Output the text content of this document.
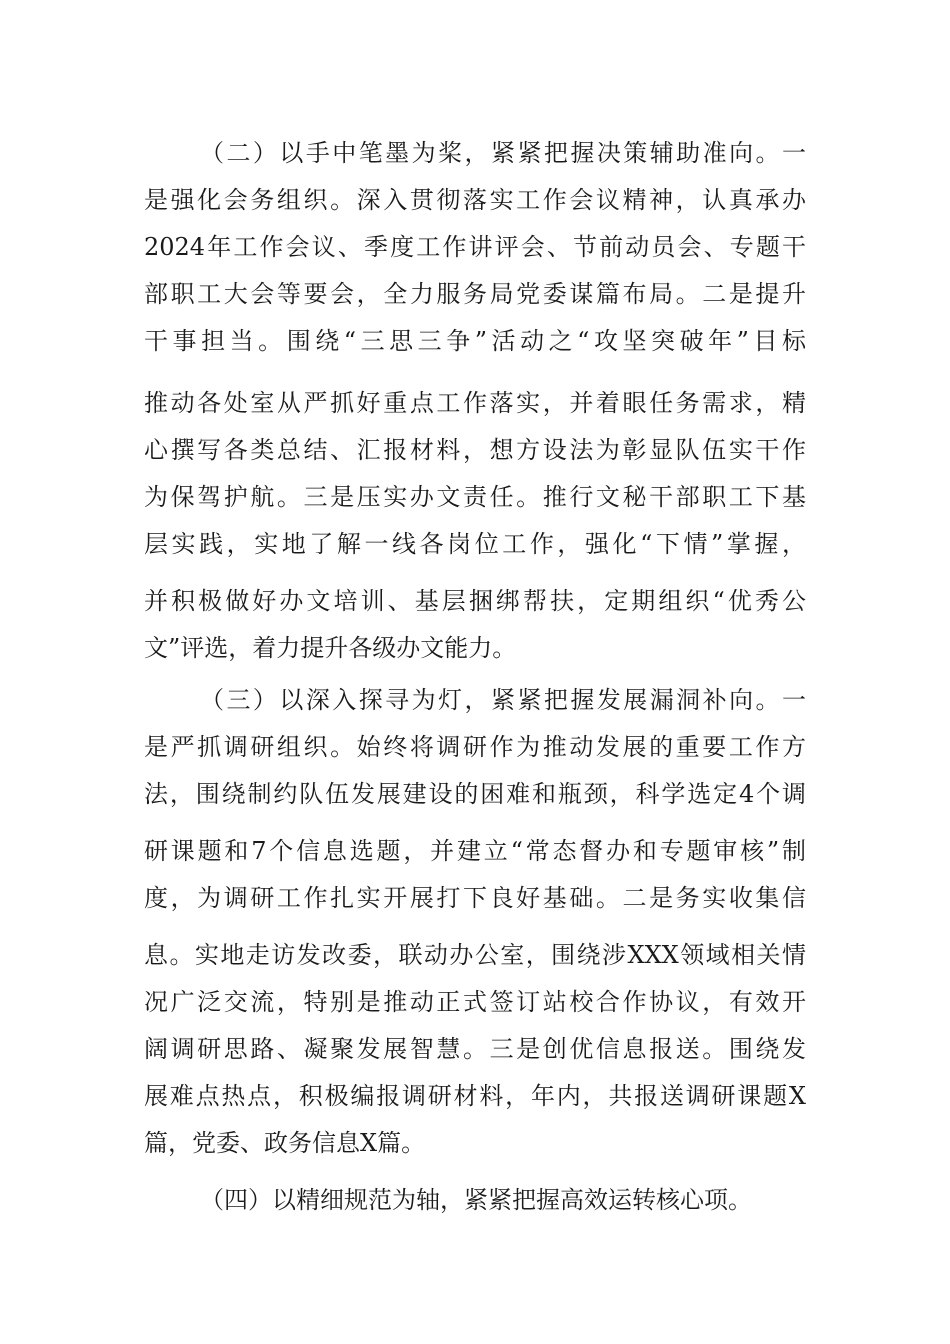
（二）以手中笔墨为桨，紧紧把握决策辅助准向。一
是强化会务组织。深入贯彻落实工作会议精神，认真承办
2024年工作会议、季度工作讲评会、节前动员会、专题干
部职工大会等要会，全力服务局党委谋篇布局。二是提升
干事担当。围绕“三思三争”活动之“攻坚突破年”目标
推动各处室从严抓好重点工作落实，并着眼任务需求，精
心撰写各类总结、汇报材料，想方设法为彰显队伍实干作
为保驾护航。三是压实办文责任。推行文秘干部职工下基
层实践，实地了解一线各岗位工作，强化“下情”掌握，
并积极做好办文培训、基层捆绑帮扶，定期组织“优秀公
文”评选，着力提升各级办文能力。
（三）以深入探寻为灯，紧紧把握发展漏洞补向。一
是严抓调研组织。始终将调研作为推动发展的重要工作方
法，围绕制约队伍发展建设的困难和瓶颈，科学选定4个调
研课题和7个信息选题，并建立“常态督办和专题审核”制
度，为调研工作扎实开展打下良好基础。二是务实收集信
息。实地走访发改委，联动办公室，围绕涉XXX领域相关情
况广泛交流，特别是推动正式签订站校合作协议，有效开
阔调研思路、凝聚发展智慧。三是创优信息报送。围绕发
展难点热点，积极编报调研材料，年内，共报送调研课题X
篇，党委、政务信息X篇。
（四）以精细规范为轴，紧紧把握高效运转核心项。
